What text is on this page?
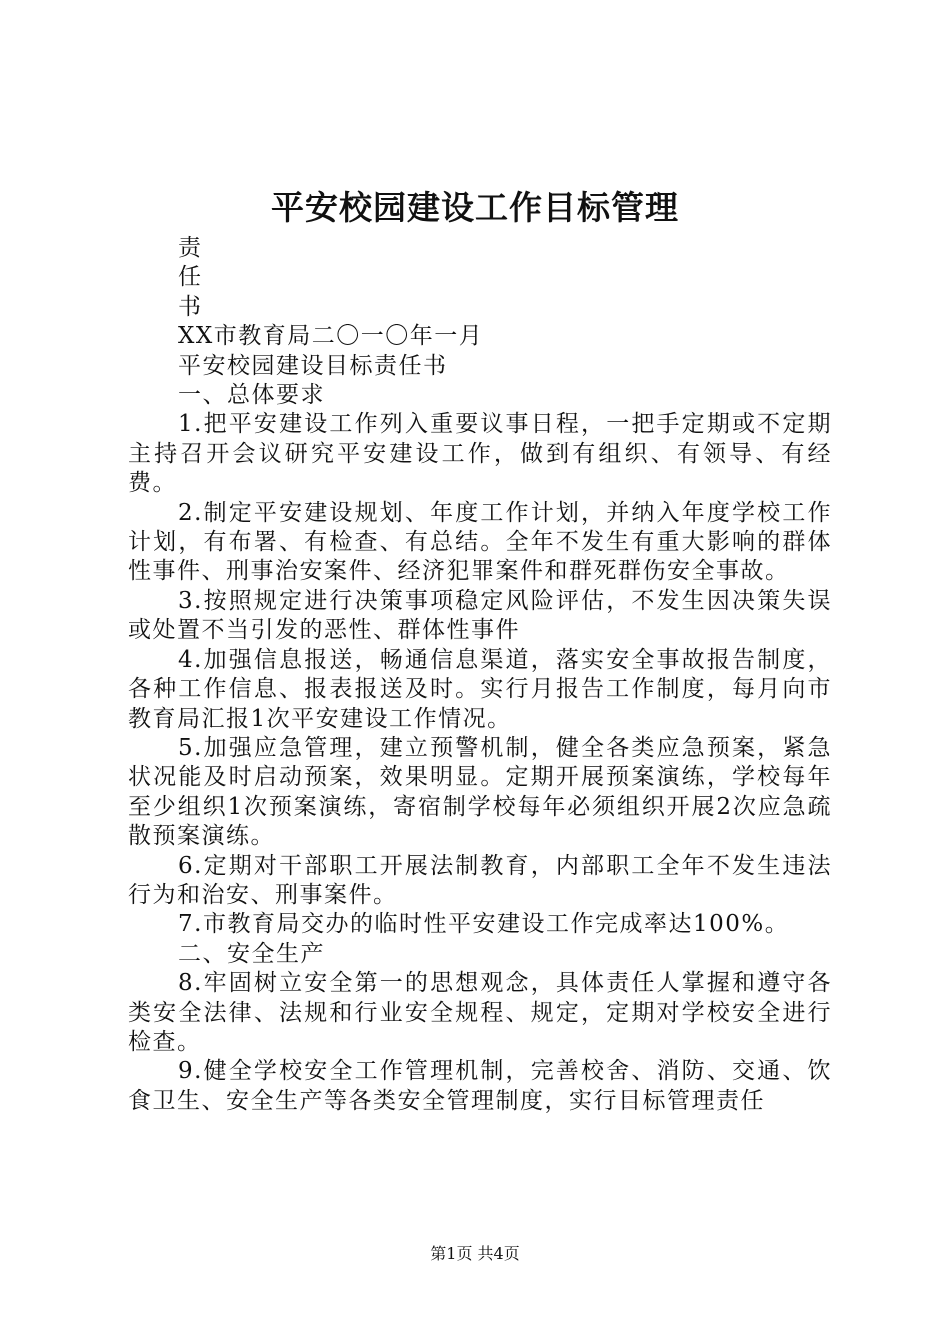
平安校园建设工作目标管理

责

任

书

XX市教育局二〇一〇年一月

平安校园建设目标责任书

一、总体要求

1.把平安建设工作列入重要议事日程，一把手定期或不定期主持召开会议研究平安建设工作，做到有组织、有领导、有经费。

2.制定平安建设规划、年度工作计划，并纳入年度学校工作计划，有布署、有检查、有总结。全年不发生有重大影响的群体性事件、刑事治安案件、经济犯罪案件和群死群伤安全事故。

3.按照规定进行决策事项稳定风险评估，不发生因决策失误或处置不当引发的恶性、群体性事件

4.加强信息报送，畅通信息渠道，落实安全事故报告制度，各种工作信息、报表报送及时。实行月报告工作制度，每月向市教育局汇报1次平安建设工作情况。

5.加强应急管理，建立预警机制，健全各类应急预案，紧急状况能及时启动预案，效果明显。定期开展预案演练，学校每年至少组织1次预案演练，寄宿制学校每年必须组织开展2次应急疏散预案演练。

6.定期对干部职工开展法制教育，内部职工全年不发生违法行为和治安、刑事案件。

7.市教育局交办的临时性平安建设工作完成率达100%。

二、安全生产

8.牢固树立安全第一的思想观念，具体责任人掌握和遵守各类安全法律、法规和行业安全规程、规定，定期对学校安全进行检查。

9.健全学校安全工作管理机制，完善校舍、消防、交通、饮食卫生、安全生产等各类安全管理制度，实行目标管理责任

第1页 共4页
